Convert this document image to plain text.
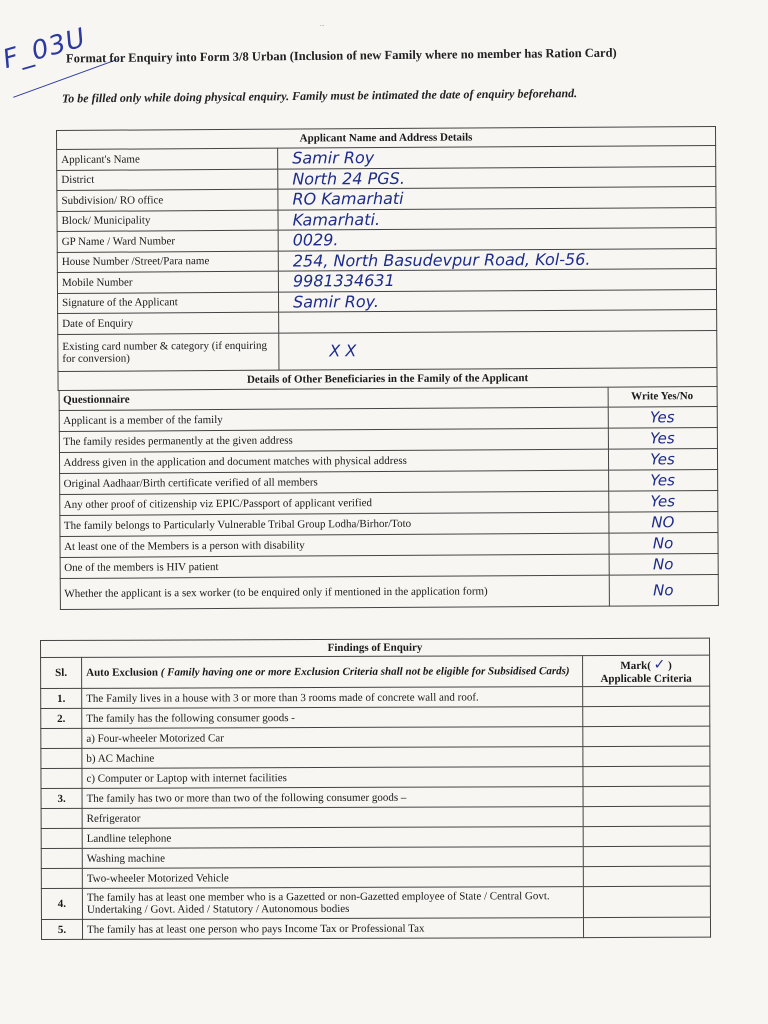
...
F_03U
Format for Enquiry into Form 3/8 Urban (Inclusion of new Family where no member has Ration Card)
To be filled only while doing physical enquiry. Family must be intimated the date of enquiry beforehand.
Applicant Name and Address Details
Applicant's Name	Samir Roy
District	North 24 PGS.
Subdivision/ RO office	RO Kamarhati
Block/ Municipality	Kamarhati.
GP Name / Ward Number	0029.
House Number /Street/Para name	254, North Basudevpur Road, Kol-56.
Mobile Number	9981334631
Signature of the Applicant	Samir Roy.
Date of Enquiry	
Existing card number & category (if enquiring for conversion)	X X
Details of Other Beneficiaries in the Family of the Applicant

Questionnaire	Write Yes/No
Applicant is a member of the family	Yes
The family resides permanently at the given address	Yes
Address given in the application and document matches with physical address	Yes
Original Aadhaar/Birth certificate verified of all members	Yes
Any other proof of citizenship viz EPIC/Passport of applicant verified	Yes
The family belongs to Particularly Vulnerable Tribal Group Lodha/Birhor/Toto	NO
At least one of the Members is a person with disability	No
One of the members is HIV patient	No
Whether the applicant is a sex worker (to be enquired only if mentioned in the application form)	No
Findings of Enquiry		
Sl.	Auto Exclusion ( Family having one or more Exclusion Criteria shall not be eligible for Subsidised Cards)	Mark( ✓ )
Applicable Criteria
1.	The Family lives in a house with 3 or more than 3 rooms made of concrete wall and roof.	
2.	The family has the following consumer goods -	
	a) Four-wheeler Motorized Car	
	b) AC Machine	
	c) Computer or Laptop with internet facilities	
3.	The family has two or more than two of the following consumer goods –	
	Refrigerator	
	Landline telephone	
	Washing machine	
	Two-wheeler Motorized Vehicle	
4.	The family has at least one member who is a Gazetted or non-Gazetted employee of State / Central Govt. Undertaking / Govt. Aided / Statutory / Autonomous bodies	
5.	The family has at least one person who pays Income Tax or Professional Tax	
